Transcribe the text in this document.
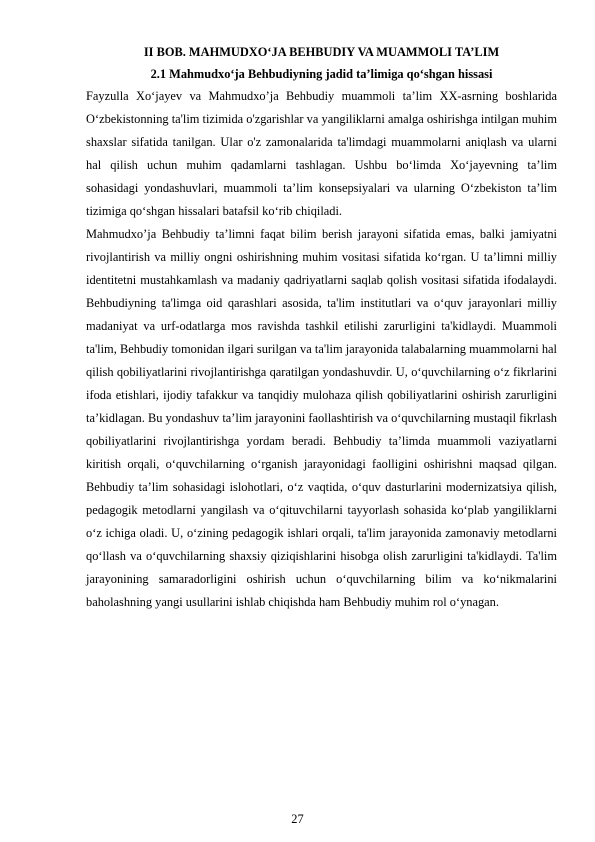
II BOB. MAHMUDXO‘JA BEHBUDIY VA MUAMMOLI TA’LIM
2.1 Mahmudxo‘ja Behbudiyning jadid ta’limiga qo‘shgan hissasi

Fayzulla Xo‘jayev va Mahmudxo’ja Behbudiy muammoli ta’lim XX-asrning boshlarida O‘zbekistonning ta'lim tizimida o'zgarishlar va yangiliklarni amalga oshirishga intilgan muhim shaxslar sifatida tanilgan. Ular o'z zamonalarida ta'limdagi muammolarni aniqlash va ularni hal qilish uchun muhim qadamlarni tashlagan. Ushbu bo‘limda Xo‘jayevning ta’lim sohasidagi yondashuvlari, muammoli ta’lim konsepsiyalari va ularning O‘zbekiston ta’lim tizimiga qo‘shgan hissalari batafsil ko‘rib chiqiladi.

Mahmudxo’ja Behbudiy ta’limni faqat bilim berish jarayoni sifatida emas, balki jamiyatni rivojlantirish va milliy ongni oshirishning muhim vositasi sifatida ko‘rgan. U ta’limni milliy identitetni mustahkamlash va madaniy qadriyatlarni saqlab qolish vositasi sifatida ifodalaydi. Behbudiyning ta'limga oid qarashlari asosida, ta'lim institutlari va o‘quv jarayonlari milliy madaniyat va urf-odatlarga mos ravishda tashkil etilishi zarurligini ta'kidlaydi. Muammoli ta'lim, Behbudiy tomonidan ilgari surilgan va ta'lim jarayonida talabalarning muammolarni hal qilish qobiliyatlarini rivojlantirishga qaratilgan yondashuvdir. U, o‘quvchilarning o‘z fikrlarini ifoda etishlari, ijodiy tafakkur va tanqidiy mulohaza qilish qobiliyatlarini oshirish zarurligini ta’kidlagan. Bu yondashuv ta’lim jarayonini faollashtirish va o‘quvchilarning mustaqil fikrlash qobiliyatlarini rivojlantirishga yordam beradi. Behbudiy ta’limda muammoli vaziyatlarni kiritish orqali, o‘quvchilarning o‘rganish jarayonidagi faolligini oshirishni maqsad qilgan. Behbudiy ta’lim sohasidagi islohotlari, o‘z vaqtida, o‘quv dasturlarini modernizatsiya qilish, pedagogik metodlarni yangilash va o‘qituvchilarni tayyorlash sohasida ko‘plab yangiliklarni o‘z ichiga oladi. U, o‘zining pedagogik ishlari orqali, ta'lim jarayonida zamonaviy metodlarni qo‘llash va o‘quvchilarning shaxsiy qiziqishlarini hisobga olish zarurligini ta'kidlaydi. Ta'lim jarayonining samaradorligini oshirish uchun o‘quvchilarning bilim va ko‘nikmalarini baholashning yangi usullarini ishlab chiqishda ham Behbudiy muhim rol o‘ynagan.

27
